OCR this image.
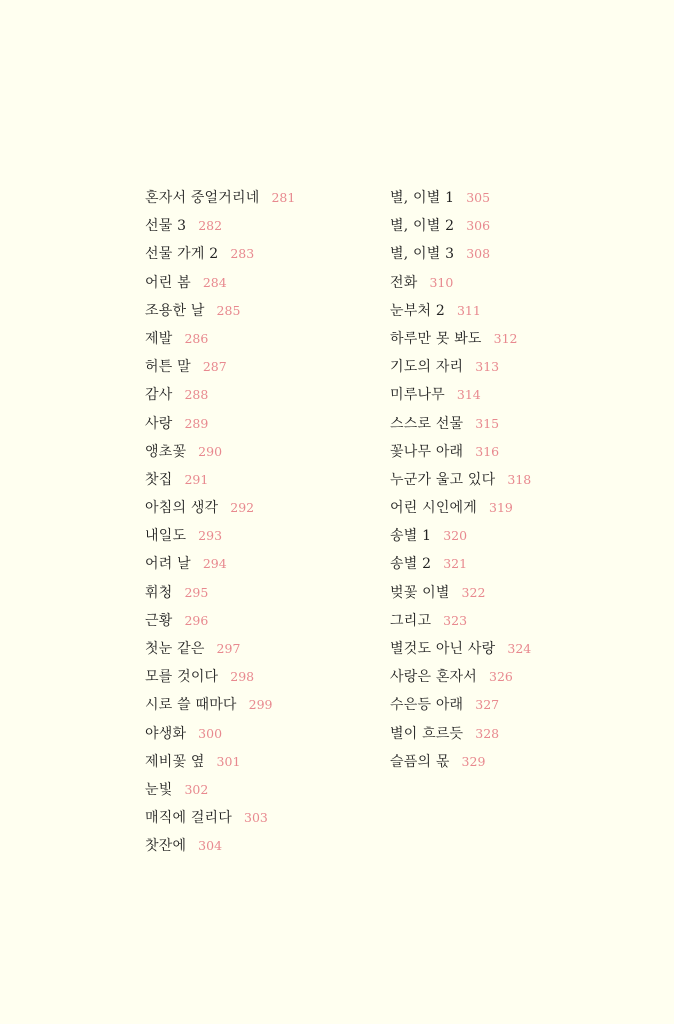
혼자서 중얼거리네 281
선물 3 282
선물 가게 2 283
어린 봄 284
조용한 날 285
제발 286
허튼 말 287
감사 288
사랑 289
앵초꽃 290
찻집 291
아침의 생각 292
내일도 293
어려 날 294
휘청 295
근황 296
첫눈 같은 297
모를 것이다 298
시로 쓸 때마다 299
야생화 300
제비꽃 옆 301
눈빛 302
매직에 걸리다 303
찻잔에 304
별, 이별 1 305
별, 이별 2 306
별, 이별 3 308
전화 310
눈부처 2 311
하루만 못 봐도 312
기도의 자리 313
미루나무 314
스스로 선물 315
꽃나무 아래 316
누군가 울고 있다 318
어린 시인에게 319
송별 1 320
송별 2 321
벚꽃 이별 322
그리고 323
별것도 아닌 사랑 324
사랑은 혼자서 326
수은등 아래 327
별이 흐르듯 328
슬픔의 몫 329
